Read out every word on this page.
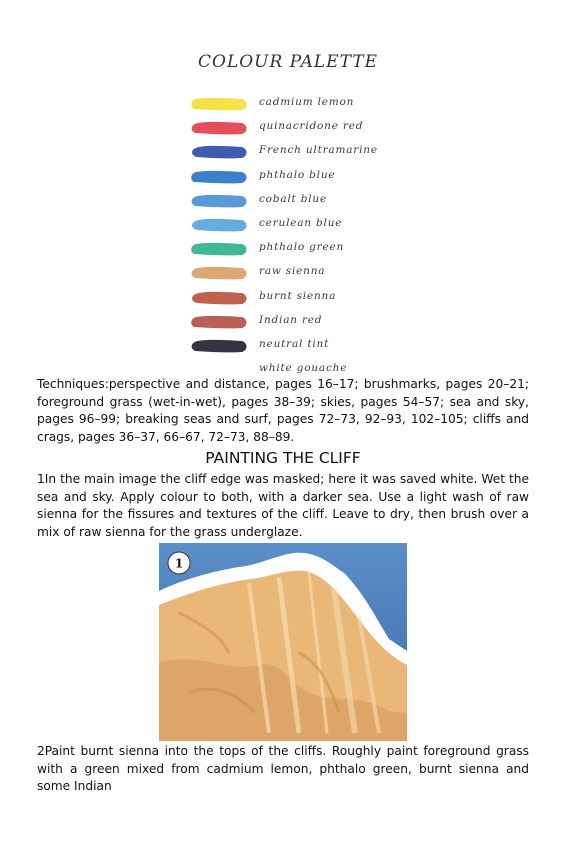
COLOUR PALETTE
cadmium lemon
quinacridone red
French ultramarine
phthalo blue
cobalt blue
cerulean blue
phthalo green
raw sienna
burnt sienna
Indian red
neutral tint
white gouache
Techniques:perspective and distance, pages 16–17; brushmarks, pages 20–21; foreground grass (wet-in-wet), pages 38–39; skies, pages 54–57; sea and sky, pages 96–99; breaking seas and surf, pages 72–73, 92–93, 102–105; cliffs and crags, pages 36–37, 66–67, 72–73, 88–89.
PAINTING THE CLIFF
1In the main image the cliff edge was masked; here it was saved white. Wet the sea and sky. Apply colour to both, with a darker sea. Use a light wash of raw sienna for the fissures and textures of the cliff. Leave to dry, then brush over a mix of raw sienna for the grass underglaze.
1
2Paint burnt sienna into the tops of the cliffs. Roughly paint foreground grass with a green mixed from cadmium lemon, phthalo green, burnt sienna and some Indian
